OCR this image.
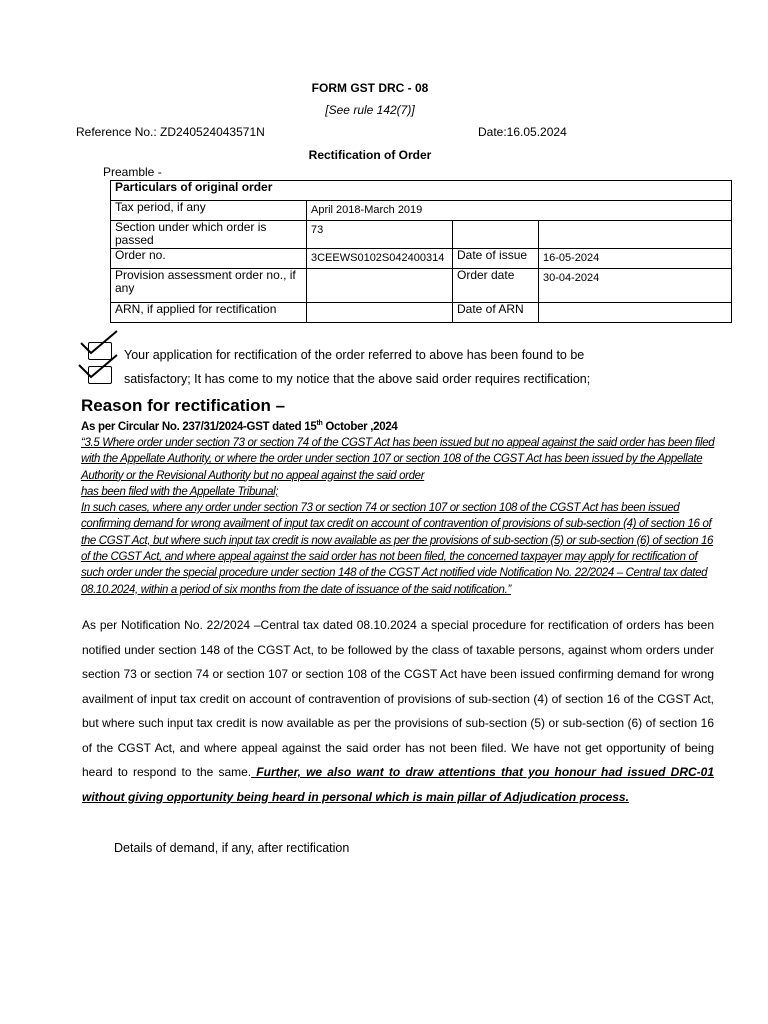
FORM GST DRC - 08
[See rule 142(7)]
Reference No.: ZD240524043571N	Date:16.05.2024
Rectification of Order
Preamble -
Particulars of original order			
Tax period, if any	April 2018-March 2019		
Section under which order is passed	73		
Order no.	3CEEWS0102S042400314	Date of issue	16-05-2024
Provision assessment order no., if any		Order date	30-04-2024
ARN, if applied for rectification		Date of ARN	
Your application for rectification of the order referred to above has been found to be
satisfactory; It has come to my notice that the above said order requires rectification;
Reason for rectification –
As per Circular No. 237/31/2024-GST dated 15th October ,2024

“3.5 Where order under section 73 or section 74 of the CGST Act has been issued but no appeal against the said order has been filed with the Appellate Authority, or where the order under section 107 or section 108 of the CGST Act has been issued by the Appellate Authority or the Revisional Authority but no appeal against the said order

has been filed with the Appellate Tribunal;

In such cases, where any order under section 73 or section 74 or section 107 or section 108 of the CGST Act has been issued confirming demand for wrong availment of input tax credit on account of contravention of provisions of sub-section (4) of section 16 of the CGST Act, but where such input tax credit is now available as per the provisions of sub-section (5) or sub-section (6) of section 16 of the CGST Act, and where appeal against the said order has not been filed, the concerned taxpayer may apply for rectification of such order under the special procedure under section 148 of the CGST Act notified vide Notification No. 22/2024 – Central tax dated 08.10.2024, within a period of six months from the date of issuance of the said notification.”

As per Notification No. 22/2024 –Central tax dated 08.10.2024 a special procedure for rectification of orders has been notified under section 148 of the CGST Act, to be followed by the class of taxable persons, against whom orders under section 73 or section 74 or section 107 or section 108 of the CGST Act have been issued confirming demand for wrong availment of input tax credit on account of contravention of provisions of sub-section (4) of section 16 of the CGST Act, but where such input tax credit is now available as per the provisions of sub-section (5) or sub-section (6) of section 16 of the CGST Act, and where appeal against the said order has not been filed. We have not get opportunity of being heard to respond to the same. Further, we also want to draw attentions that you honour had issued DRC-01 without giving opportunity being heard in personal which is main pillar of Adjudication process.
Details of demand, if any, after rectification
